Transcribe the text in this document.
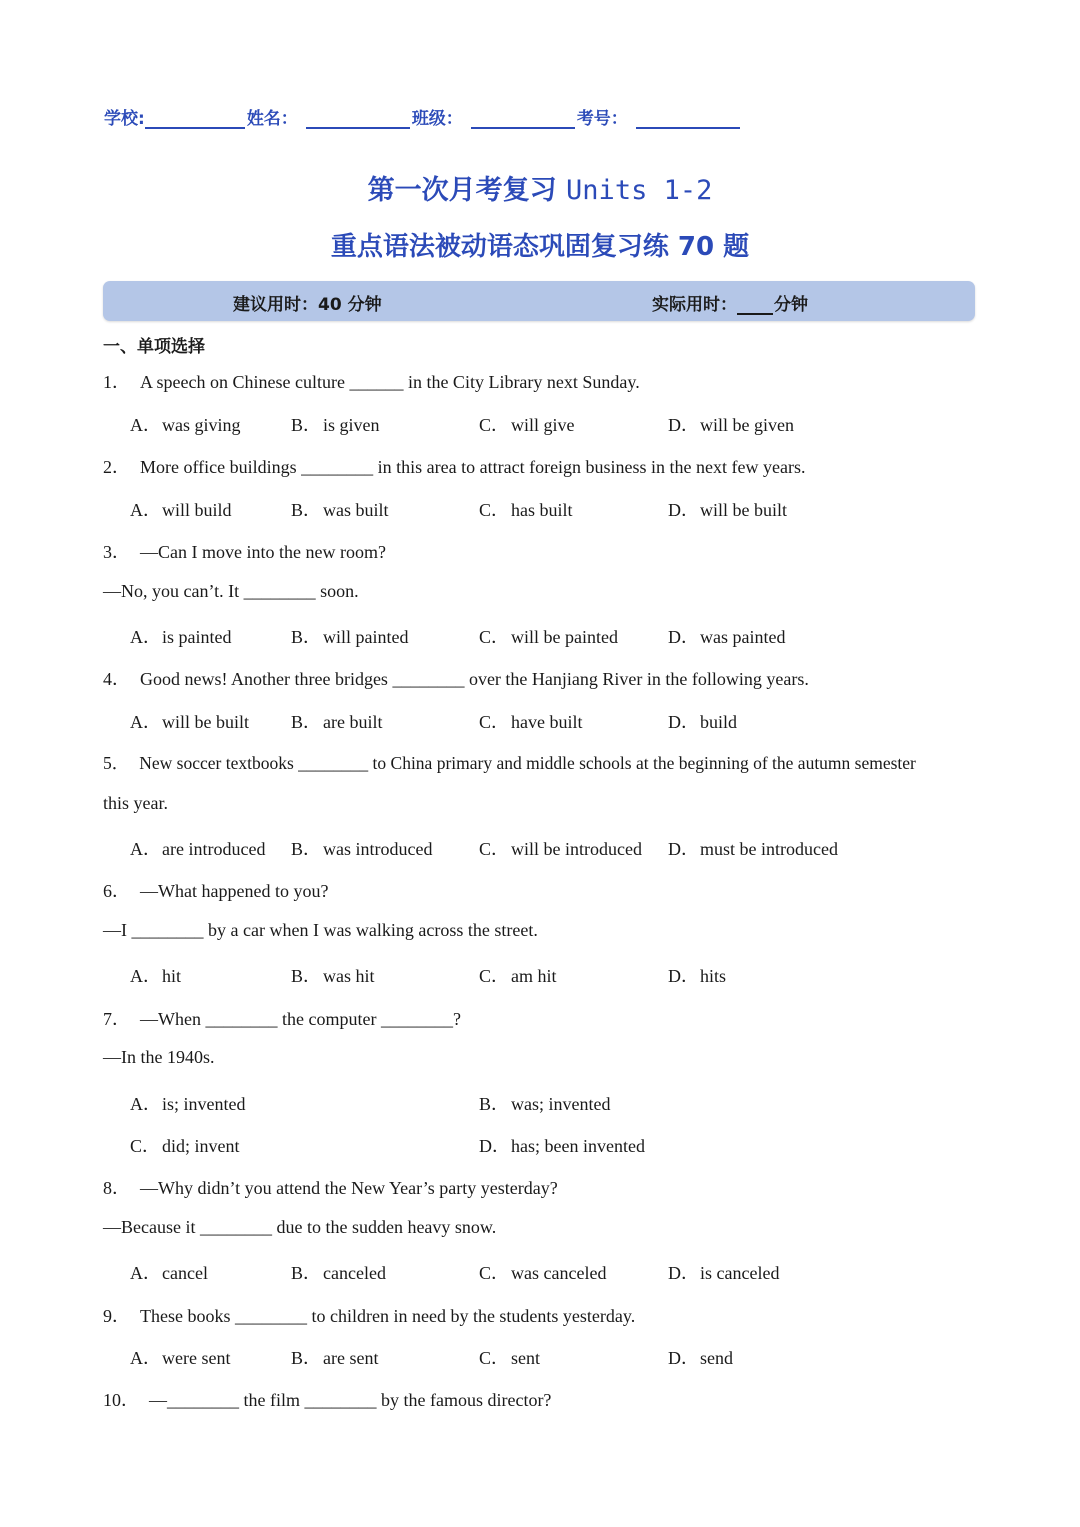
学校:	姓名：	班级：	考号：
第一次月考复习 Units 1-2
重点语法被动语态巩固复习练 70 题
建议用时：40 分钟	实际用时： 分钟
一、单项选择
1． A speech on Chinese culture ______ in the City Library next Sunday.
A．was giving	B． is given	C． will give	D．will be given
2． More office buildings ________ in this area to attract foreign business in the next few years.
A．will build	B． was built	C． has built	D．will be built
3． —Can I move into the new room?
—No, you can’t. It ________ soon.
A．is painted	B． will painted	C． will be painted	D．was painted
4． Good news! Another three bridges ________ over the Hanjiang River in the following years.
A．will be built B． are built	C． have built	D．build
5． New soccer textbooks ________ to China primary and middle schools at the beginning of the autumn semester
this year.
A．are introduced B． was introduced	C． will be introduced D．must be introduced
6． —What happened to you?
—I ________ by a car when I was walking across the street.
A．hit	B． was hit	C． am hit	D．hits
7． —When ________ the computer ________?
—In the 1940s.
A．is; invented	B． was; invented
C． did; invent	D．has; been invented
8． —Why didn’t you attend the New Year’s party yesterday?
—Because it ________ due to the sudden heavy snow.
A．cancel	B． canceled	C． was canceled	D．is canceled
9． These books ________ to children in need by the students yesterday.
A．were sent	B． are sent	C． sent	D．send
10． —________ the film ________ by the famous director?
